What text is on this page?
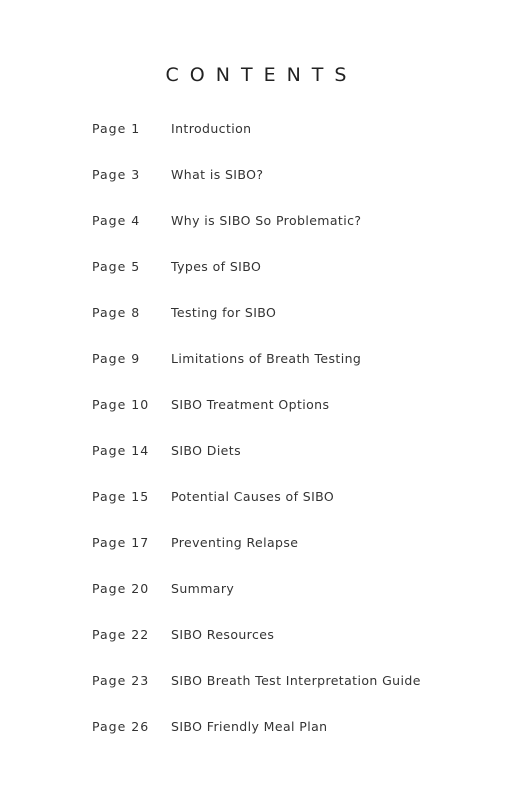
CONTENTS
Page 1	Introduction
Page 3	What is SIBO?
Page 4	Why is SIBO So Problematic?
Page 5	Types of SIBO
Page 8	Testing for SIBO
Page 9	Limitations of Breath Testing
Page 10	SIBO Treatment Options
Page 14	SIBO Diets
Page 15	Potential Causes of SIBO
Page 17	Preventing Relapse
Page 20	Summary
Page 22	SIBO Resources
Page 23	SIBO Breath Test Interpretation Guide
Page 26	SIBO Friendly Meal Plan
